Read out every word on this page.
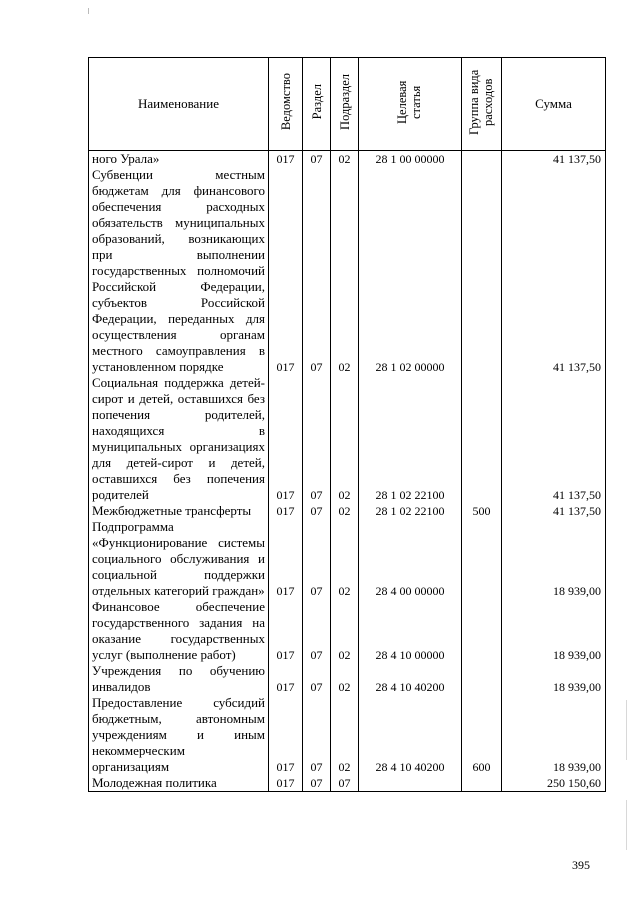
Наименование	Ведомство	Раздел	Подраздел	Целевая статья	Группа вида расходов	Сумма
ного Урала»	017	07	02	28 1 00 00000		41 137,50
Субвенции местным бюджетам для финансового обеспечения расходных обязательств муниципальных образований, возникающих при выполнении государственных полномочий Российской Федерации, субъектов Российской Федерации, переданных для осуществления органам местного самоуправления в установленном порядке	017	07	02	28 1 02 00000		41 137,50
Социальная поддержка детей-сирот и детей, оставшихся без попечения родителей, находящихся в муниципальных организациях для детей-сирот и детей, оставшихся без попечения родителей	017	07	02	28 1 02 22100		41 137,50
Межбюджетные трансферты	017	07	02	28 1 02 22100	500	41 137,50
Подпрограмма «Функционирование системы социального обслуживания и социальной поддержки отдельных категорий граждан»	017	07	02	28 4 00 00000		18 939,00
Финансовое обеспечение государственного задания на оказание государственных услуг (выполнение работ)	017	07	02	28 4 10 00000		18 939,00
Учреждения по обучению инвалидов	017	07	02	28 4 10 40200		18 939,00
Предоставление субсидий бюджетным, автономным учреждениям и иным некоммерческим организациям	017	07	02	28 4 10 40200	600	18 939,00
Молодежная политика	017	07	07			250 150,60
395
